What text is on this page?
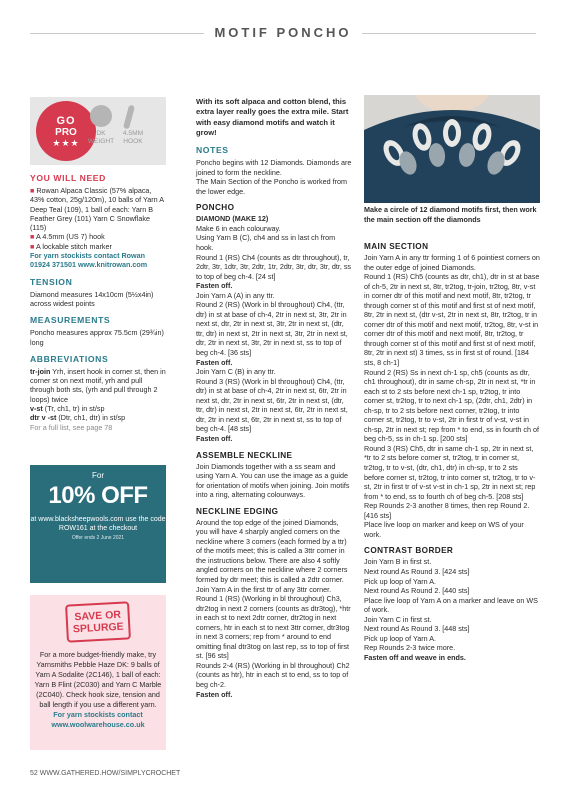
MOTIF PONCHO
GO
PRO
★★★
DK
WEIGHT
4.5MM
HOOK
YOU WILL NEED
■ Rowan Alpaca Classic (57% alpaca, 43% cotton, 25g/120m), 10 balls of Yarn A Deep Teal (109), 1 ball of each: Yarn B Feather Grey (101) Yarn C Snowflake (115)
■ A 4.5mm (US 7) hook
■ A lockable stitch marker
For yarn stockists contact Rowan 01924 371501 www.knitrowan.com
TENSION
Diamond measures 14x10cm (5½x4in) across widest points
MEASUREMENTS
Poncho measures approx 75.5cm (29¾in) long
ABBREVIATIONS
tr-join Yrh, insert hook in corner st, then in corner st on next motif, yrh and pull through both sts, (yrh and pull through 2 loops) twice
v-st (Tr, ch1, tr) in st/sp
dtr v -st (Dtr, ch1, dtr) in st/sp
For a full list, see page 78
For
10% OFF
at www.blacksheepwools.com use the code ROW161 at the checkout
Offer ends 2 June 2021
SAVE OR SPLURGE
For a more budget-friendly make, try Yarnsmiths Pebble Haze DK: 9 balls of Yarn A Sodalite (2C146), 1 ball of each: Yarn B Flint (2C030) and Yarn C Marble (2C040). Check hook size, tension and ball length if you use a different yarn.
For yarn stockists contact www.woolwarehouse.co.uk
With its soft alpaca and cotton blend, this extra layer really goes the extra mile. Start with easy diamond motifs and watch it grow!
NOTES

Poncho begins with 12 Diamonds. Diamonds are joined to form the neckline.

The Main Section of the Poncho is worked from the lower edge.

PONCHO

DIAMOND (MAKE 12)

Make 6 in each colourway.

Using Yarn B (C), ch4 and ss in last ch from hook.

Round 1 (RS) Ch4 (counts as dtr throughout), tr, 2dtr, 3tr, 1dtr, 3tr, 2dtr, 1tr, 2dtr, 3tr, dtr, 3tr, dtr, ss to top of beg ch-4. [24 st]

Fasten off.

Join Yarn A (A) in any ttr.

Round 2 (RS) (Work in bl throughout) Ch4, (ttr, dtr) in st at base of ch-4, 2tr in next st, 3tr, 2tr in next st, dtr, 2tr in next st, 3tr, 2tr in next st, (dtr, ttr, dtr) in next st, 2tr in next st, 3tr, 2tr in next st, dtr, 2tr in next st, 3tr, 2tr in next st, ss to top of beg ch-4. [36 sts]

Fasten off.

Join Yarn C (B) in any ttr.

Round 3 (RS) (Work in bl throughout) Ch4, (ttr, dtr) in st at base of ch-4, 2tr in next st, 6tr, 2tr in next st, dtr, 2tr in next st, 6tr, 2tr in next st, (dtr, ttr, dtr) in next st, 2tr in next st, 6tr, 2tr in next st, dtr, 2tr in next st, 6tr, 2tr in next st, ss to top of beg ch-4. [48 sts]

Fasten off.

ASSEMBLE NECKLINE

Join Diamonds together with a ss seam and using Yarn A. You can use the image as a guide for orientation of motifs when joining. Join motifs into a ring, alternating colourways.

NECKLINE EDGING

Around the top edge of the joined Diamonds, you will have 4 sharply angled corners on the neckline where 3 corners (each formed by a ttr) of the motifs meet; this is called a 3ttr corner in the instructions below. There are also 4 softly angled corners on the neckline where 2 corners formed by dtr meet; this is called a 2dtr corner. Join Yarn A in the first ttr of any 3ttr corner.

Round 1 (RS) (Working in bl throughout) Ch3, dtr2tog in next 2 corners (counts as dtr3tog), *htr in each st to next 2dtr corner, dtr2tog in next corners, htr in each st to next 3ttr corner, dtr3tog in next 3 corners; rep from * around to end omitting final dtr3tog on last rep, ss to top of first st. [96 sts]

Rounds 2-4 (RS) (Working in bl throughout) Ch2 (counts as htr), htr in each st to end, ss to top of beg ch-2.

Fasten off.

Make a circle of 12 diamond motifs first, then work the main section off the diamonds
MAIN SECTION

Join Yarn A in any ttr forming 1 of 6 pointiest corners on the outer edge of joined Diamonds.

Round 1 (RS) Ch5 (counts as dtr, ch1), dtr in st at base of ch-5, 2tr in next st, 8tr, tr2tog, tr-join, tr2tog, 8tr, v-st in corner dtr of this motif and next motif, 8tr, tr2tog, tr through corner st of this motif and first st of next motif, 8tr, 2tr in next st, (dtr v-st, 2tr in next st, 8tr, tr2tog, tr in corner dtr of this motif and next motif, tr2tog, 8tr, v-st in corner dtr of this motif and next motif, 8tr, tr2tog, tr through corner st of this motif and first st of next motif, 8tr, 2tr in next st) 3 times, ss in first st of round. [184 sts, 8 ch-1]

Round 2 (RS) Ss in next ch-1 sp, ch5 (counts as dtr, ch1 throughout), dtr in same ch-sp, 2tr in next st, *tr in each st to 2 sts before next ch-1 sp, tr2tog, tr into corner st, tr2tog, tr to next ch-1 sp, (2dtr, ch1, 2dtr) in ch-sp, tr to 2 sts before next corner, tr2tog, tr into corner st, tr2tog, tr to v-st, 2tr in first tr of v-st, v-st in ch-sp, 2tr in next st; rep from * to end, ss in fourth ch of beg ch-5, ss in ch-1 sp. [200 sts]

Round 3 (RS) Ch5, dtr in same ch-1 sp, 2tr in next st, *tr to 2 sts before corner st, tr2tog, tr in corner st, tr2tog, tr to v-st, (dtr, ch1, dtr) in ch-sp, tr to 2 sts before corner st, tr2tog, tr into corner st, tr2tog, tr to v-st, 2tr in first tr of v-st v-st in ch-1 sp, 2tr in next st; rep from * to end, ss to fourth ch of beg ch-5. [208 sts]

Rep Rounds 2-3 another 8 times, then rep Round 2. [416 sts]

Place live loop on marker and keep on WS of your work.

CONTRAST BORDER

Join Yarn B in first st.

Next round As Round 3. [424 sts]

Pick up loop of Yarn A.

Next round As Round 2. [440 sts]

Place live loop of Yarn A on a marker and leave on WS of work.

Join Yarn C in first st.

Next round As Round 3. [448 sts]

Pick up loop of Yarn A.

Rep Rounds 2-3 twice more.

Fasten off and weave in ends.

52 WWW.GATHERED.HOW/SIMPLYCROCHET
